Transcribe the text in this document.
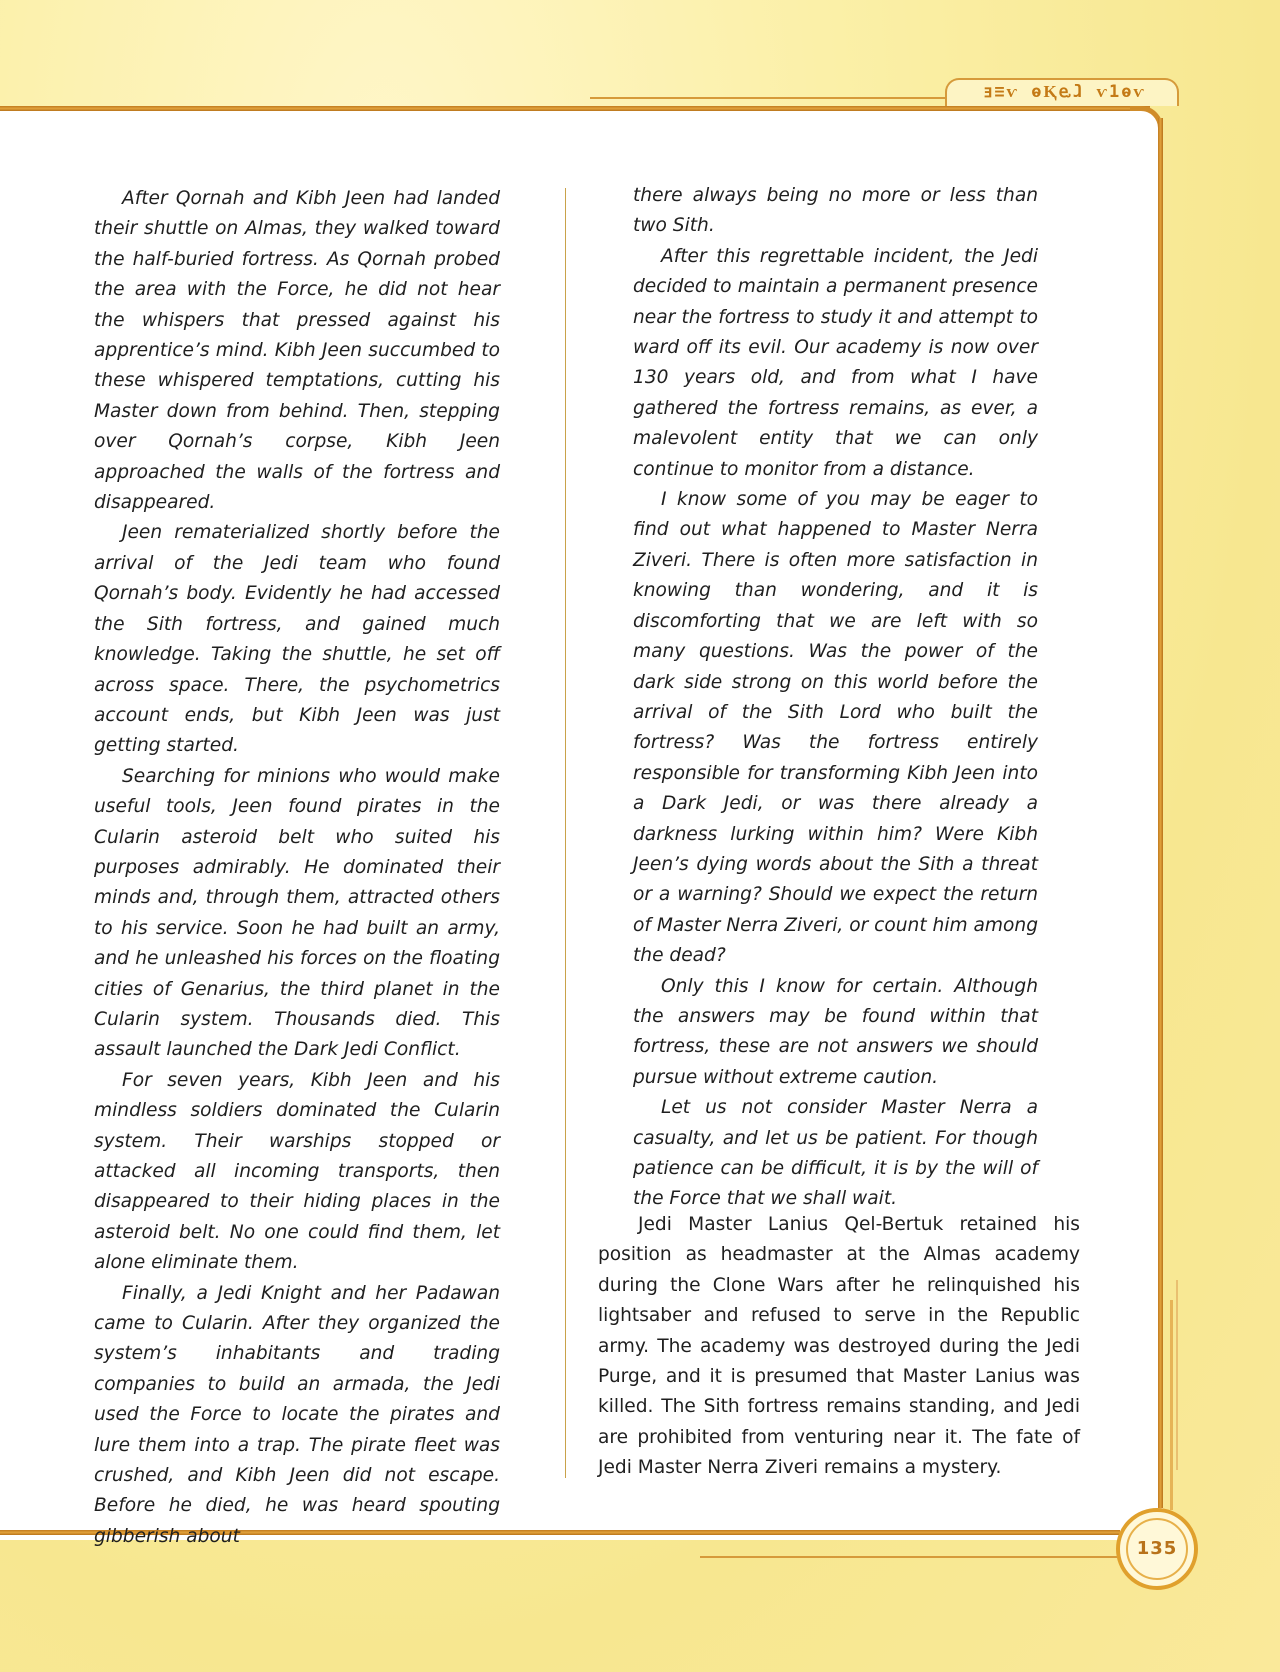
ⱻ≡ⱱ ⱺⱩⱸⱹ ⱱ1ⱺⱱ

After Qornah and Kibh Jeen had landed their shuttle on Almas, they walked toward the half-buried fortress. As Qornah probed the area with the Force, he did not hear the whispers that pressed against his apprentice’s mind. Kibh Jeen succumbed to these whispered temptations, cutting his Master down from behind. Then, stepping over Qornah’s corpse, Kibh Jeen approached the walls of the fortress and disappeared.

Jeen rematerialized shortly before the arrival of the Jedi team who found Qornah’s body. Evidently he had accessed the Sith fortress, and gained much knowledge. Taking the shuttle, he set off across space. There, the psychometrics account ends, but Kibh Jeen was just getting started.

Searching for minions who would make useful tools, Jeen found pirates in the Cularin asteroid belt who suited his purposes admirably. He dominated their minds and, through them, attracted others to his service. Soon he had built an army, and he unleashed his forces on the floating cities of Genarius, the third planet in the Cularin system. Thousands died. This assault launched the Dark Jedi Conflict.

For seven years, Kibh Jeen and his mindless soldiers dominated the Cularin system. Their warships stopped or attacked all incoming transports, then disappeared to their hiding places in the asteroid belt. No one could find them, let alone eliminate them.

Finally, a Jedi Knight and her Padawan came to Cularin. After they organized the system’s inhabitants and trading companies to build an armada, the Jedi used the Force to locate the pirates and lure them into a trap. The pirate fleet was crushed, and Kibh Jeen did not escape. Before he died, he was heard spouting gibberish about

there always being no more or less than two Sith.

After this regrettable incident, the Jedi decided to maintain a permanent presence near the fortress to study it and attempt to ward off its evil. Our academy is now over 130 years old, and from what I have gathered the fortress remains, as ever, a malevolent entity that we can only continue to monitor from a distance.

I know some of you may be eager to find out what happened to Master Nerra Ziveri. There is often more satisfaction in knowing than wondering, and it is discomforting that we are left with so many questions. Was the power of the dark side strong on this world before the arrival of the Sith Lord who built the fortress? Was the fortress entirely responsible for transforming Kibh Jeen into a Dark Jedi, or was there already a darkness lurking within him? Were Kibh Jeen’s dying words about the Sith a threat or a warning? Should we expect the return of Master Nerra Ziveri, or count him among the dead?

Only this I know for certain. Although the answers may be found within that fortress, these are not answers we should pursue without extreme caution.

Let us not consider Master Nerra a casualty, and let us be patient. For though patience can be difficult, it is by the will of the Force that we shall wait.

Jedi Master Lanius Qel-Bertuk retained his position as headmaster at the Almas academy during the Clone Wars after he relinquished his lightsaber and refused to serve in the Republic army. The academy was destroyed during the Jedi Purge, and it is presumed that Master Lanius was killed. The Sith fortress remains standing, and Jedi are prohibited from venturing near it. The fate of Jedi Master Nerra Ziveri remains a mystery.

135
